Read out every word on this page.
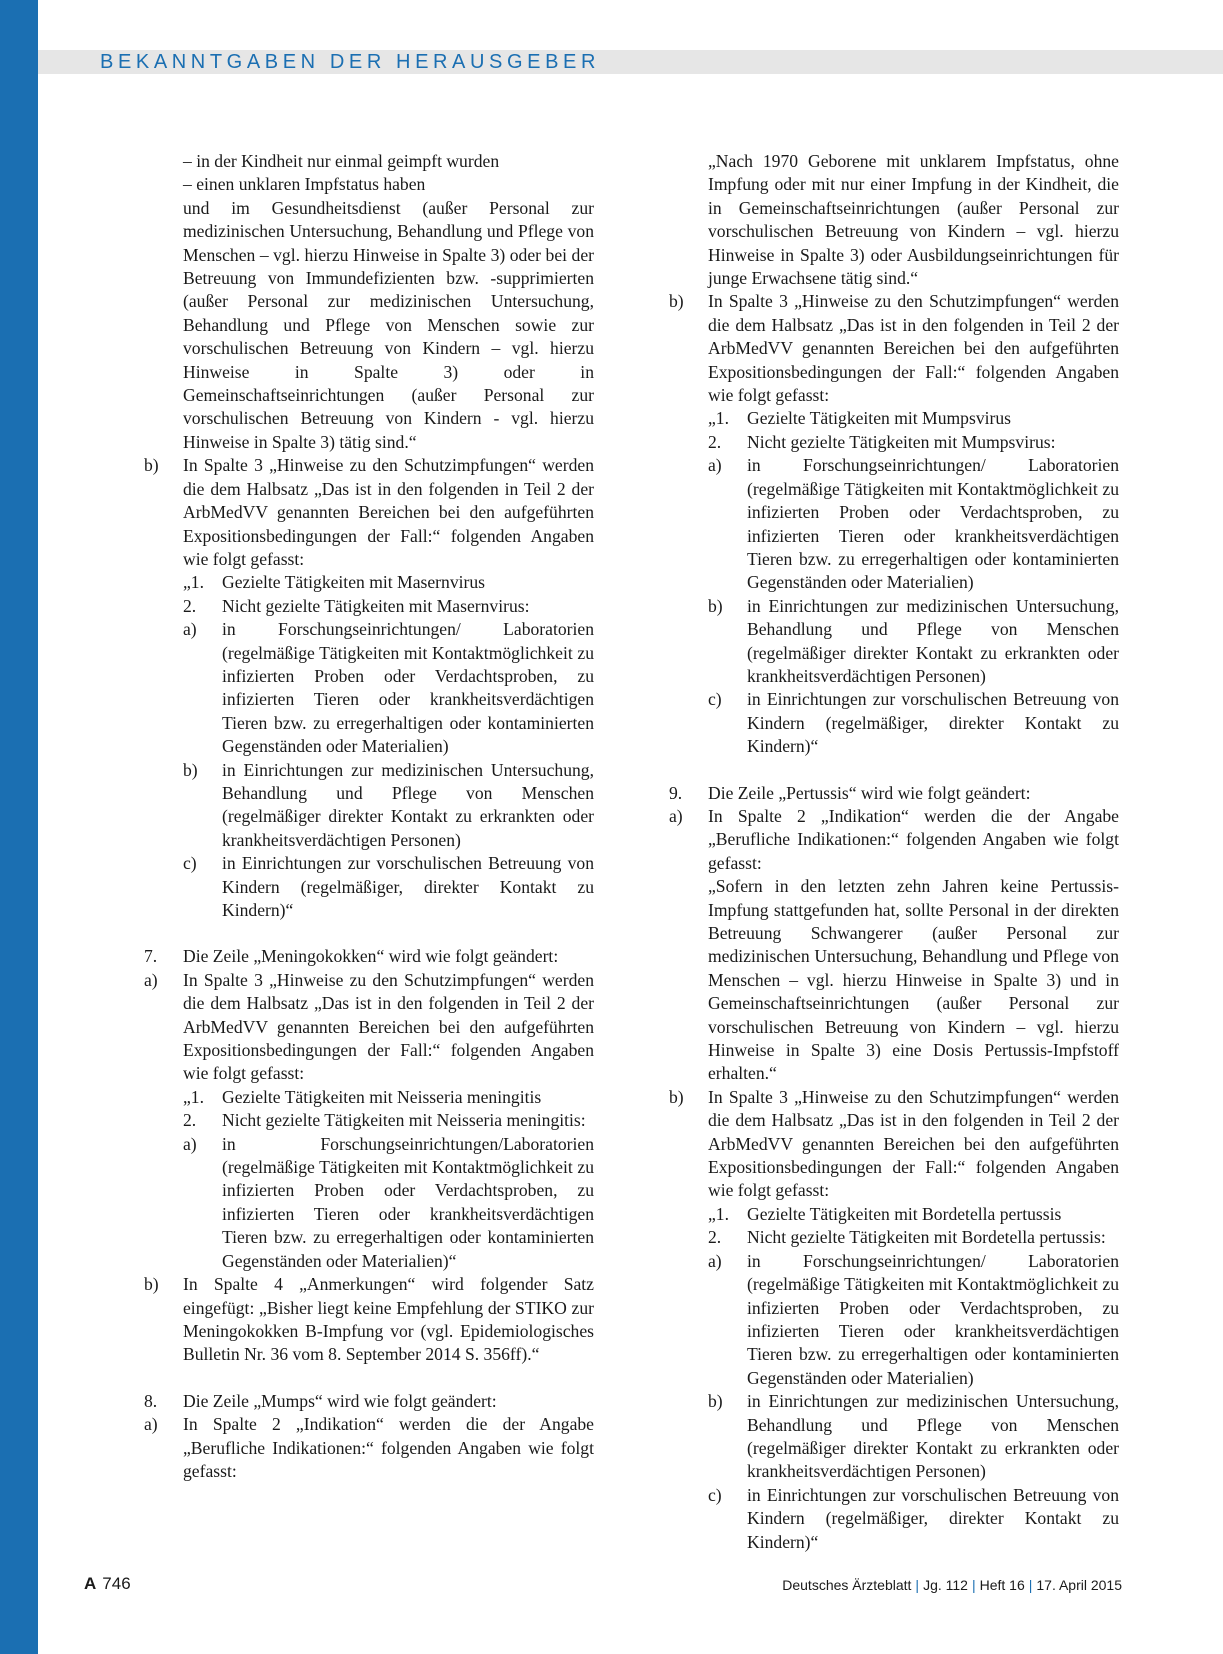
BEKANNTGABEN DER HERAUSGEBER
– in der Kindheit nur einmal geimpft wurden
– einen unklaren Impfstatus haben
und im Gesundheitsdienst (außer Personal zur medizinischen Untersuchung, Behandlung und Pflege von Menschen – vgl. hierzu Hinweise in Spalte 3) oder bei der Betreuung von Immundefizienten bzw. -supprimierten (außer Personal zur medizinischen Untersuchung, Behandlung und Pflege von Menschen sowie zur vorschulischen Betreuung von Kindern – vgl. hierzu Hinweise in Spalte 3) oder in Gemeinschaftseinrichtungen (außer Personal zur vorschulischen Betreuung von Kindern - vgl. hierzu Hinweise in Spalte 3) tätig sind.“
b)	In Spalte 3 „Hinweise zu den Schutzimpfungen“ werden die dem Halbsatz „Das ist in den folgenden in Teil 2 der ArbMedVV genannten Bereichen bei den aufgeführten Expositionsbedingungen der Fall:“ folgenden Angaben wie folgt gefasst:
„1.	Gezielte Tätigkeiten mit Masernvirus
2.	Nicht gezielte Tätigkeiten mit Masernvirus:
a)	in Forschungseinrichtungen/ Laboratorien (regelmäßige Tätigkeiten mit Kontaktmöglichkeit zu infizierten Proben oder Verdachtsproben, zu infizierten Tieren oder krankheitsverdächtigen Tieren bzw. zu erregerhaltigen oder kontaminierten Gegenständen oder Materialien)
b)	in Einrichtungen zur medizinischen Untersuchung, Behandlung und Pflege von Menschen (regelmäßiger direkter Kontakt zu erkrankten oder krankheitsverdächtigen Personen)
c)	in Einrichtungen zur vorschulischen Betreuung von Kindern (regelmäßiger, direkter Kontakt zu Kindern)“
7.	Die Zeile „Meningokokken“ wird wie folgt geändert:
a)	In Spalte 3 „Hinweise zu den Schutzimpfungen“ werden die dem Halbsatz „Das ist in den folgenden in Teil 2 der ArbMedVV genannten Bereichen bei den aufgeführten Expositionsbedingungen der Fall:“ folgenden Angaben wie folgt gefasst:
„1.	Gezielte Tätigkeiten mit Neisseria meningitis
2.	Nicht gezielte Tätigkeiten mit Neisseria meningitis:
a)	in Forschungseinrichtungen/Laboratorien (regelmäßige Tätigkeiten mit Kontaktmöglichkeit zu infizierten Proben oder Verdachtsproben, zu infizierten Tieren oder krankheitsverdächtigen Tieren bzw. zu erregerhaltigen oder kontaminierten Gegenständen oder Materialien)“
b)	In Spalte 4 „Anmerkungen“ wird folgender Satz eingefügt: „Bisher liegt keine Empfehlung der STIKO zur Meningokokken B-Impfung vor (vgl. Epidemiologisches Bulletin Nr. 36 vom 8. September 2014 S. 356ff).“
8.	Die Zeile „Mumps“ wird wie folgt geändert:
a)	In Spalte 2 „Indikation“ werden die der Angabe „Berufliche Indikationen:“ folgenden Angaben wie folgt gefasst:
„Nach 1970 Geborene mit unklarem Impfstatus, ohne Impfung oder mit nur einer Impfung in der Kindheit, die in Gemeinschaftseinrichtungen (außer Personal zur vorschulischen Betreuung von Kindern – vgl. hierzu Hinweise in Spalte 3) oder Ausbildungseinrichtungen für junge Erwachsene tätig sind.“
b)	In Spalte 3 „Hinweise zu den Schutzimpfungen“ werden die dem Halbsatz „Das ist in den folgenden in Teil 2 der ArbMedVV genannten Bereichen bei den aufgeführten Expositionsbedingungen der Fall:“ folgenden Angaben wie folgt gefasst:
„1.	Gezielte Tätigkeiten mit Mumpsvirus
2.	Nicht gezielte Tätigkeiten mit Mumpsvirus:
a)	in Forschungseinrichtungen/ Laboratorien (regelmäßige Tätigkeiten mit Kontaktmöglichkeit zu infizierten Proben oder Verdachtsproben, zu infizierten Tieren oder krankheitsverdächtigen Tieren bzw. zu erregerhaltigen oder kontaminierten Gegenständen oder Materialien)
b)	in Einrichtungen zur medizinischen Untersuchung, Behandlung und Pflege von Menschen (regelmäßiger direkter Kontakt zu erkrankten oder krankheitsverdächtigen Personen)
c)	in Einrichtungen zur vorschulischen Betreuung von Kindern (regelmäßiger, direkter Kontakt zu Kindern)“
9.	Die Zeile „Pertussis“ wird wie folgt geändert:
a)	In Spalte 2 „Indikation“ werden die der Angabe „Berufliche Indikationen:“ folgenden Angaben wie folgt gefasst:
„Sofern in den letzten zehn Jahren keine Pertussis-Impfung stattgefunden hat, sollte Personal in der direkten Betreuung Schwangerer (außer Personal zur medizinischen Untersuchung, Behandlung und Pflege von Menschen – vgl. hierzu Hinweise in Spalte 3) und in Gemeinschaftseinrichtungen (außer Personal zur vorschulischen Betreuung von Kindern – vgl. hierzu Hinweise in Spalte 3) eine Dosis Pertussis-Impfstoff erhalten.“
b)	In Spalte 3 „Hinweise zu den Schutzimpfungen“ werden die dem Halbsatz „Das ist in den folgenden in Teil 2 der ArbMedVV genannten Bereichen bei den aufgeführten Expositionsbedingungen der Fall:“ folgenden Angaben wie folgt gefasst:
„1.	Gezielte Tätigkeiten mit Bordetella pertussis
2.	Nicht gezielte Tätigkeiten mit Bordetella pertussis:
a)	in Forschungseinrichtungen/ Laboratorien (regelmäßige Tätigkeiten mit Kontaktmöglichkeit zu infizierten Proben oder Verdachtsproben, zu infizierten Tieren oder krankheitsverdächtigen Tieren bzw. zu erregerhaltigen oder kontaminierten Gegenständen oder Materialien)
b)	in Einrichtungen zur medizinischen Untersuchung, Behandlung und Pflege von Menschen (regelmäßiger direkter Kontakt zu erkrankten oder krankheitsverdächtigen Personen)
c)	in Einrichtungen zur vorschulischen Betreuung von Kindern (regelmäßiger, direkter Kontakt zu Kindern)“
A 746	Deutsches Ärzteblatt | Jg. 112 | Heft 16 | 17. April 2015
